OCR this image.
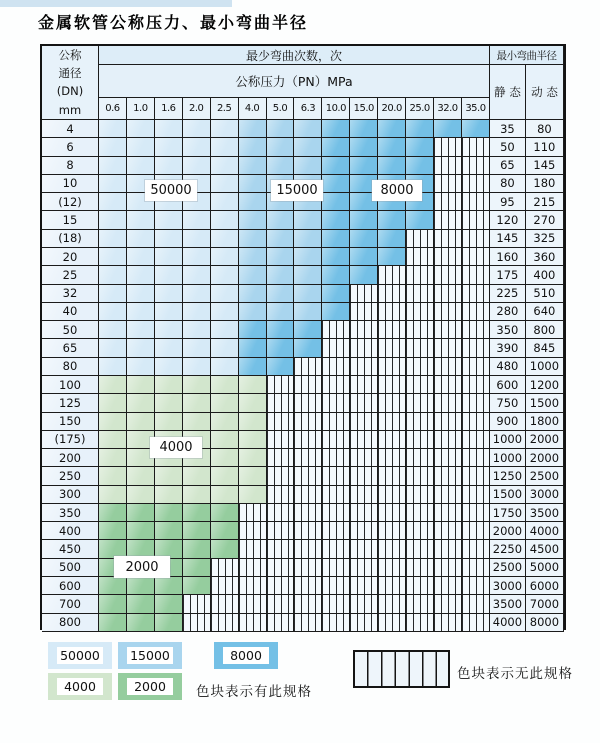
金属软管公称压力、最小弯曲半径
公称
通径
(DN)
mm
最少弯曲次数，次
公称压力（PN）MPa
0.6	1.0	1.6	2.0	2.5	4.0	5.0	6.3	10.0 15.0 20.0 25.0 32.0 35.0
最小弯曲半径
静 态 动 态
4	35	80
6	50	110
8	65	145
10	80	180
(12)	95	215
15	120	270
(18)	145	325
20	160	360
25	175	400
32	225	510
40	280	640
50	350	800
65	390	845
80	480 1000
100	600 1200
125	750 1500
150	900 1800
(175)	1000 2000
200	1000 2000
250	1250 2500
300	1500 3000
350	1750 3500
400	2000 4000
450	2250 4500
500	2500 5000
600	3000 6000
700	3500 7000
800	4000 8000
50000	15000	8000
4000
2000
色块表示有此规格
色块表示无此规格
50000 15000	8000
4000	2000
